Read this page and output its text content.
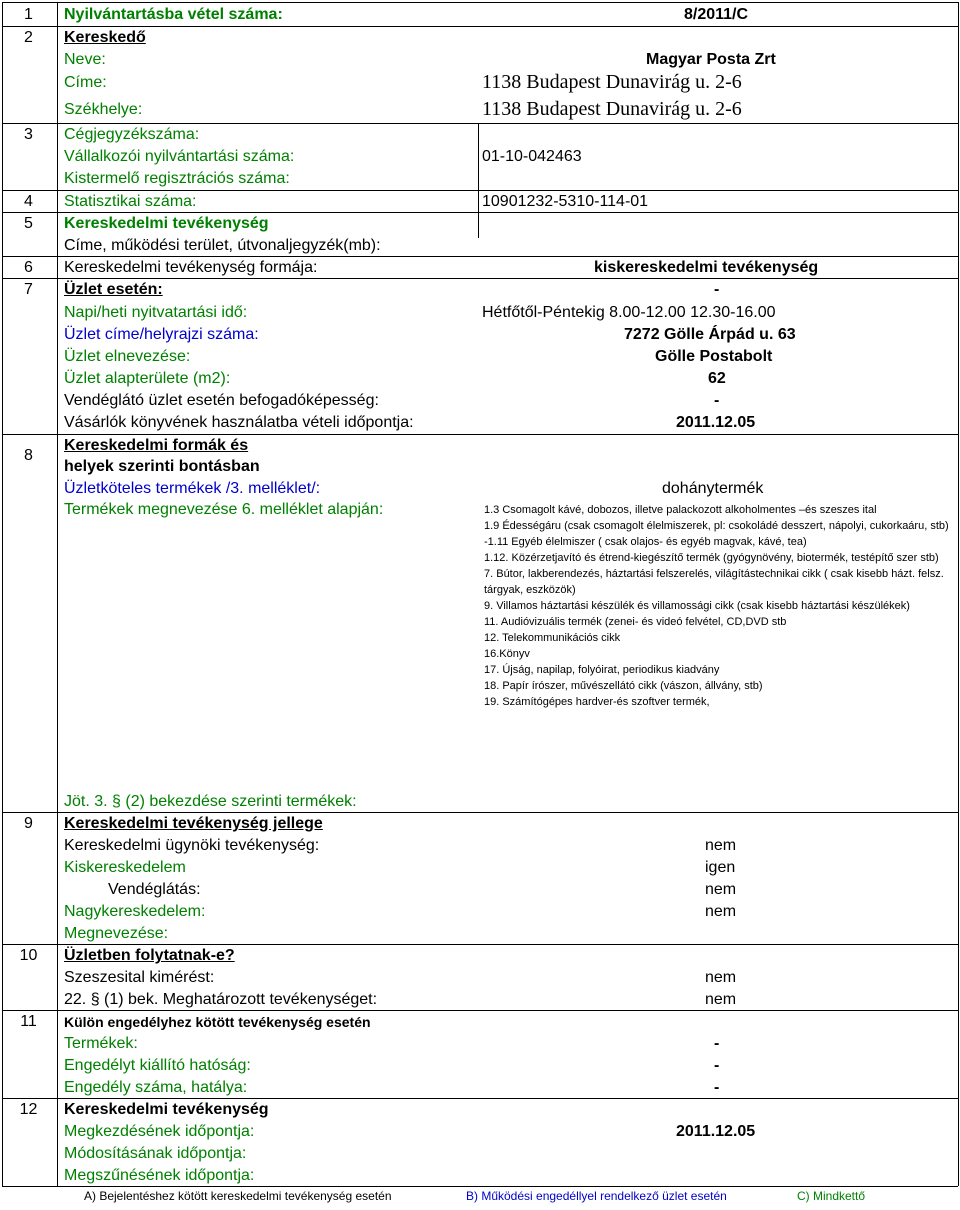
1	Nyilvántartásba vétel száma:	8/2011/C
2	Kereskedő
Neve:	Magyar Posta Zrt
Címe:	1138 Budapest Dunavirág u. 2-6
Székhelye:	1138 Budapest Dunavirág u. 2-6
3	Cégjegyzékszáma:
Vállalkozói nyilvántartási száma:	01-10-042463
Kistermelő regisztrációs száma:
4	Statisztikai száma:	10901232-5310-114-01
5	Kereskedelmi tevékenység
Címe, működési terület, útvonaljegyzék(mb):
6	Kereskedelmi tevékenység formája:	kiskereskedelmi tevékenység
7	Üzlet esetén:	-
Napi/heti nyitvatartási idő:	Hétfőtől-Péntekig 8.00-12.00 12.30-16.00
Üzlet címe/helyrajzi száma:	7272 Gölle Árpád u. 63
Üzlet elnevezése:	Gölle Postabolt
Üzlet alapterülete (m2):	62
Vendéglátó üzlet esetén befogadóképesség:	-
Vásárlók könyvének használatba vételi időpontja:	2011.12.05
8
Kereskedelmi formák és
helyek szerinti bontásban
Üzletköteles termékek /3. melléklet/:	dohánytermék
Termékek megnevezése 6. melléklet alapján:	1.3 Csomagolt kávé, dobozos, illetve palackozott alkoholmentes –és szeszes ital
1.9 Édességáru (csak csomagolt élelmiszerek, pl: csokoládé desszert, nápolyi, cukorkaáru, stb)
-1.11 Egyéb élelmiszer ( csak olajos- és egyéb magvak, kávé, tea)
1.12. Közérzetjavító és étrend-kiegészítő termék (gyógynövény, biotermék, testépítő szer stb)
7. Bútor, lakberendezés, háztartási felszerelés, világítástechnikai cikk ( csak kisebb házt. felsz. tárgyak, eszközök)
9. Villamos háztartási készülék és villamossági cikk (csak kisebb háztartási készülékek)
11. Audióvizuális termék (zenei- és videó felvétel, CD,DVD stb
12. Telekommunikációs cikk
16.Könyv
17. Újság, napilap, folyóirat, periodikus kiadvány
18. Papír írószer, művészellátó cikk (vászon, állvány, stb)
19. Számítógépes hardver-és szoftver termék,
Jöt. 3. § (2) bekezdése szerinti termékek:
9	Kereskedelmi tevékenység jellege
Kereskedelmi ügynöki tevékenység:	nem
Kiskereskedelem	igen
Vendéglátás:	nem
Nagykereskedelem:	nem
Megnevezése:
10	Üzletben folytatnak-e?
Szeszesital kimérést:	nem
22. § (1) bek. Meghatározott tevékenységet:	nem
11	Külön engedélyhez kötött tevékenység esetén
Termékek:	-
Engedélyt kiállító hatóság:	-
Engedély száma, hatálya:	-
12	Kereskedelmi tevékenység
Megkezdésének időpontja:	2011.12.05
Módosításának időpontja:
Megszűnésének időpontja:
A) Bejelentéshez kötött kereskedelmi tevékenység esetén	B) Működési engedéllyel rendelkező üzlet esetén	C) Mindkettő
